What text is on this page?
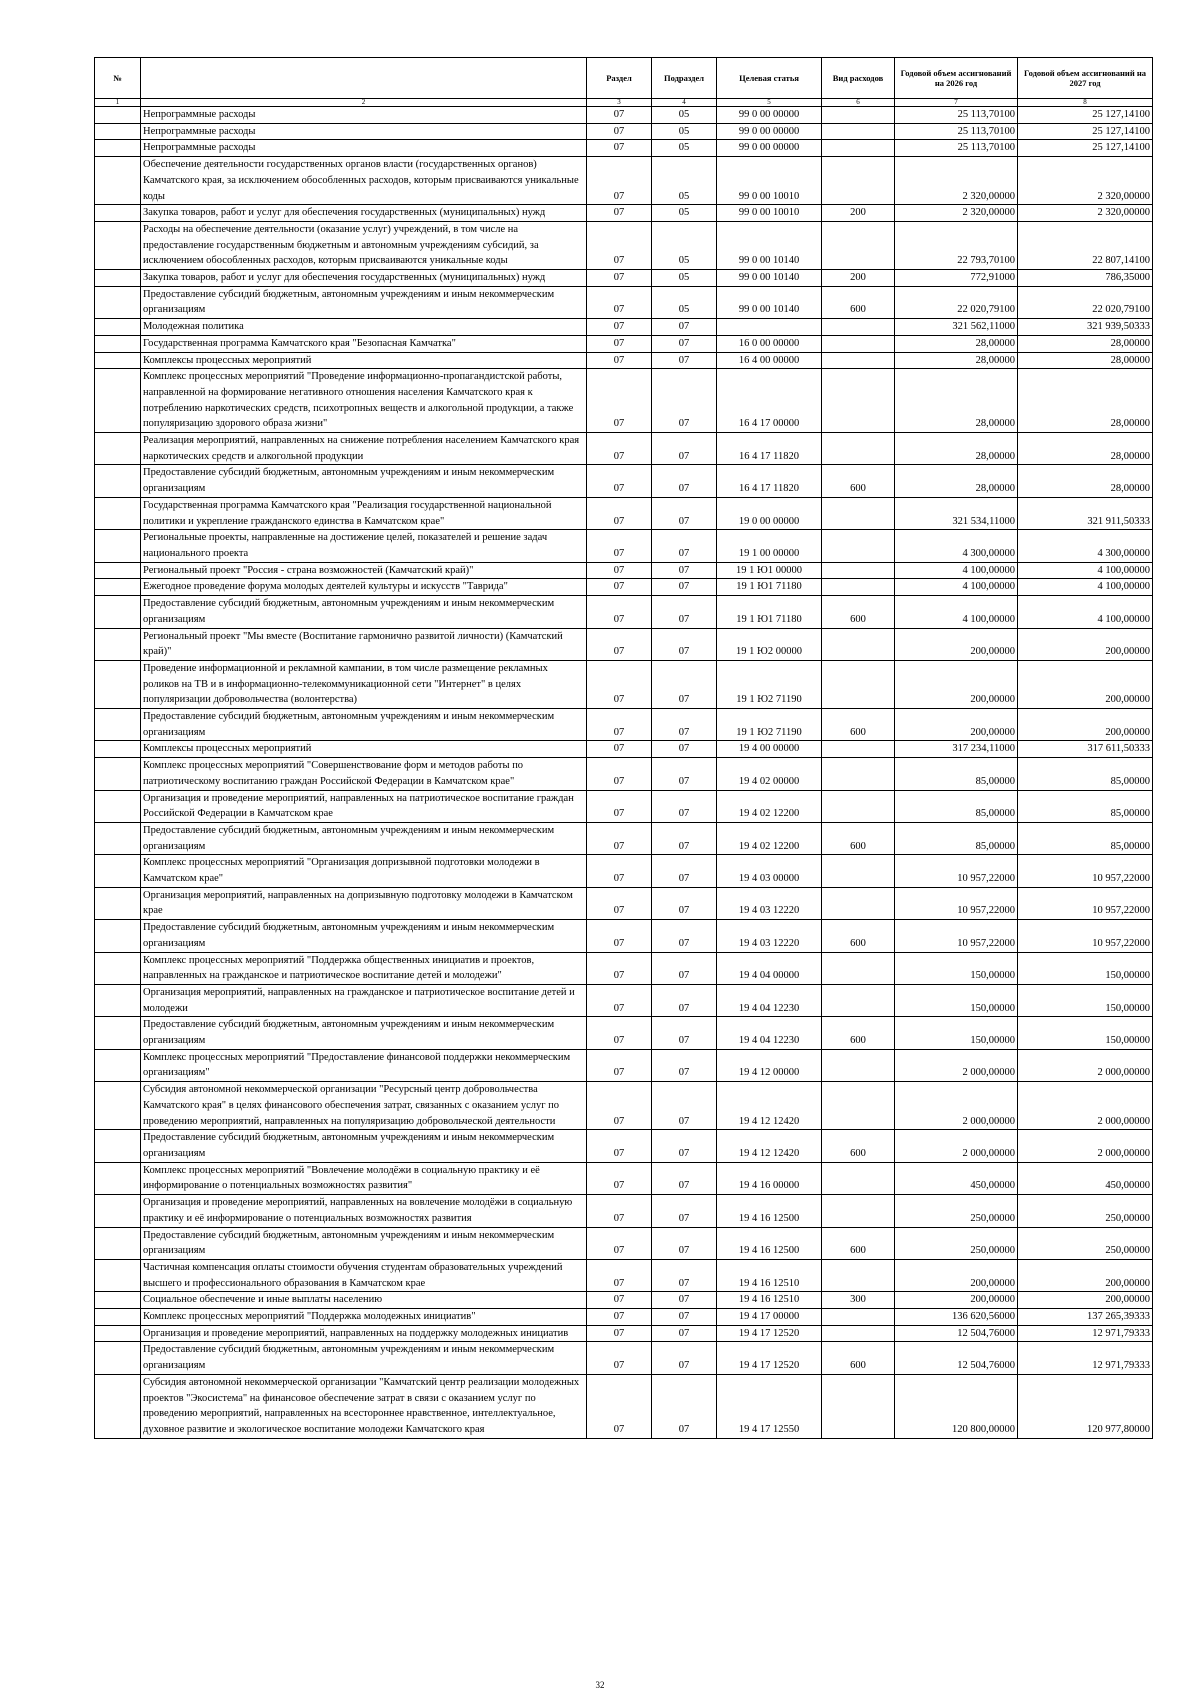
№		Раздел	Подраздел	Целевая статья	Вид расходов	Годовой объем ассигнований на 2026 год	Годовой объем ассигнований на 2027 год
1	2	3	4	5	6	7	8
	Непрограммные расходы	07	05	99 0 00 00000		25 113,70100	25 127,14100
	Непрограммные расходы	07	05	99 0 00 00000		25 113,70100	25 127,14100
	Непрограммные расходы	07	05	99 0 00 00000		25 113,70100	25 127,14100
	Обеспечение деятельности государственных органов власти (государственных органов) Камчатского края, за исключением обособленных расходов, которым присваиваются уникальные коды	07	05	99 0 00 10010		2 320,00000	2 320,00000
	Закупка товаров, работ и услуг для обеспечения государственных (муниципальных) нужд	07	05	99 0 00 10010	200	2 320,00000	2 320,00000
	Расходы на обеспечение деятельности (оказание услуг) учреждений, в том числе на предоставление государственным бюджетным и автономным учреждениям субсидий, за исключением обособленных расходов, которым присваиваются уникальные коды	07	05	99 0 00 10140		22 793,70100	22 807,14100
	Закупка товаров, работ и услуг для обеспечения государственных (муниципальных) нужд	07	05	99 0 00 10140	200	772,91000	786,35000
	Предоставление субсидий бюджетным, автономным учреждениям и иным некоммерческим организациям	07	05	99 0 00 10140	600	22 020,79100	22 020,79100
	Молодежная политика	07	07			321 562,11000	321 939,50333
	Государственная программа Камчатского края "Безопасная Камчатка"	07	07	16 0 00 00000		28,00000	28,00000
	Комплексы процессных мероприятий	07	07	16 4 00 00000		28,00000	28,00000
	Комплекс процессных мероприятий "Проведение информационно-пропагандистской работы, направленной на формирование негативного отношения населения Камчатского края к потреблению наркотических средств, психотропных веществ и алкогольной продукции, а также популяризацию здорового образа жизни"	07	07	16 4 17 00000		28,00000	28,00000
	Реализация мероприятий, направленных на снижение потребления населением Камчатского края наркотических средств и алкогольной продукции	07	07	16 4 17 11820		28,00000	28,00000
	Предоставление субсидий бюджетным, автономным учреждениям и иным некоммерческим организациям	07	07	16 4 17 11820	600	28,00000	28,00000
	Государственная программа Камчатского края "Реализация государственной национальной политики и укрепление гражданского единства в Камчатском крае"	07	07	19 0 00 00000		321 534,11000	321 911,50333
	Региональные проекты, направленные на достижение целей, показателей и решение задач национального проекта	07	07	19 1 00 00000		4 300,00000	4 300,00000
	Региональный проект "Россия - страна возможностей (Камчатский край)"	07	07	19 1 Ю1 00000		4 100,00000	4 100,00000
	Ежегодное проведение форума молодых деятелей культуры и искусств "Таврида"	07	07	19 1 Ю1 71180		4 100,00000	4 100,00000
	Предоставление субсидий бюджетным, автономным учреждениям и иным некоммерческим организациям	07	07	19 1 Ю1 71180	600	4 100,00000	4 100,00000
	Региональный проект "Мы вместе (Воспитание гармонично развитой личности) (Камчатский край)"	07	07	19 1 Ю2 00000		200,00000	200,00000
	Проведение информационной и рекламной кампании, в том числе размещение рекламных роликов на ТВ и в информационно-телекоммуникационной сети "Интернет" в целях популяризации добровольчества (волонтерства)	07	07	19 1 Ю2 71190		200,00000	200,00000
	Предоставление субсидий бюджетным, автономным учреждениям и иным некоммерческим организациям	07	07	19 1 Ю2 71190	600	200,00000	200,00000
	Комплексы процессных мероприятий	07	07	19 4 00 00000		317 234,11000	317 611,50333
	Комплекс процессных мероприятий "Совершенствование форм и методов работы по патриотическому воспитанию граждан Российской Федерации в Камчатском крае"	07	07	19 4 02 00000		85,00000	85,00000
	Организация и проведение мероприятий, направленных на патриотическое воспитание граждан Российской Федерации в Камчатском крае	07	07	19 4 02 12200		85,00000	85,00000
	Предоставление субсидий бюджетным, автономным учреждениям и иным некоммерческим организациям	07	07	19 4 02 12200	600	85,00000	85,00000
	Комплекс процессных мероприятий "Организация допризывной подготовки молодежи в Камчатском крае"	07	07	19 4 03 00000		10 957,22000	10 957,22000
	Организация мероприятий, направленных на допризывную подготовку молодежи в Камчатском крае	07	07	19 4 03 12220		10 957,22000	10 957,22000
	Предоставление субсидий бюджетным, автономным учреждениям и иным некоммерческим организациям	07	07	19 4 03 12220	600	10 957,22000	10 957,22000
	Комплекс процессных мероприятий "Поддержка общественных инициатив и проектов, направленных на гражданское и патриотическое воспитание детей и молодежи"	07	07	19 4 04 00000		150,00000	150,00000
	Организация мероприятий, направленных на гражданское и патриотическое воспитание детей и молодежи	07	07	19 4 04 12230		150,00000	150,00000
	Предоставление субсидий бюджетным, автономным учреждениям и иным некоммерческим организациям	07	07	19 4 04 12230	600	150,00000	150,00000
	Комплекс процессных мероприятий "Предоставление финансовой поддержки некоммерческим организациям"	07	07	19 4 12 00000		2 000,00000	2 000,00000
	Субсидия автономной некоммерческой организации "Ресурсный центр добровольчества Камчатского края" в целях финансового обеспечения затрат, связанных с оказанием услуг по проведению мероприятий, направленных на популяризацию добровольческой деятельности	07	07	19 4 12 12420		2 000,00000	2 000,00000
	Предоставление субсидий бюджетным, автономным учреждениям и иным некоммерческим организациям	07	07	19 4 12 12420	600	2 000,00000	2 000,00000
	Комплекс процессных мероприятий "Вовлечение молодёжи в социальную практику и её информирование о потенциальных возможностях развития"	07	07	19 4 16 00000		450,00000	450,00000
	Организация и проведение мероприятий, направленных на вовлечение молодёжи в социальную практику и её информирование о потенциальных возможностях развития	07	07	19 4 16 12500		250,00000	250,00000
	Предоставление субсидий бюджетным, автономным учреждениям и иным некоммерческим организациям	07	07	19 4 16 12500	600	250,00000	250,00000
	Частичная компенсация оплаты стоимости обучения студентам образовательных учреждений высшего и профессионального образования в Камчатском крае	07	07	19 4 16 12510		200,00000	200,00000
	Социальное обеспечение и иные выплаты населению	07	07	19 4 16 12510	300	200,00000	200,00000
	Комплекс процессных мероприятий "Поддержка молодежных инициатив"	07	07	19 4 17 00000		136 620,56000	137 265,39333
	Организация и проведение мероприятий, направленных на поддержку молодежных инициатив	07	07	19 4 17 12520		12 504,76000	12 971,79333
	Предоставление субсидий бюджетным, автономным учреждениям и иным некоммерческим организациям	07	07	19 4 17 12520	600	12 504,76000	12 971,79333
	Субсидия автономной некоммерческой организации "Камчатский центр реализации молодежных проектов "Экосистема" на финансовое обеспечение затрат в связи с оказанием услуг по проведению мероприятий, направленных на всестороннее нравственное, интеллектуальное, духовное развитие и экологическое воспитание молодежи Камчатского края	07	07	19 4 17 12550		120 800,00000	120 977,80000
32
